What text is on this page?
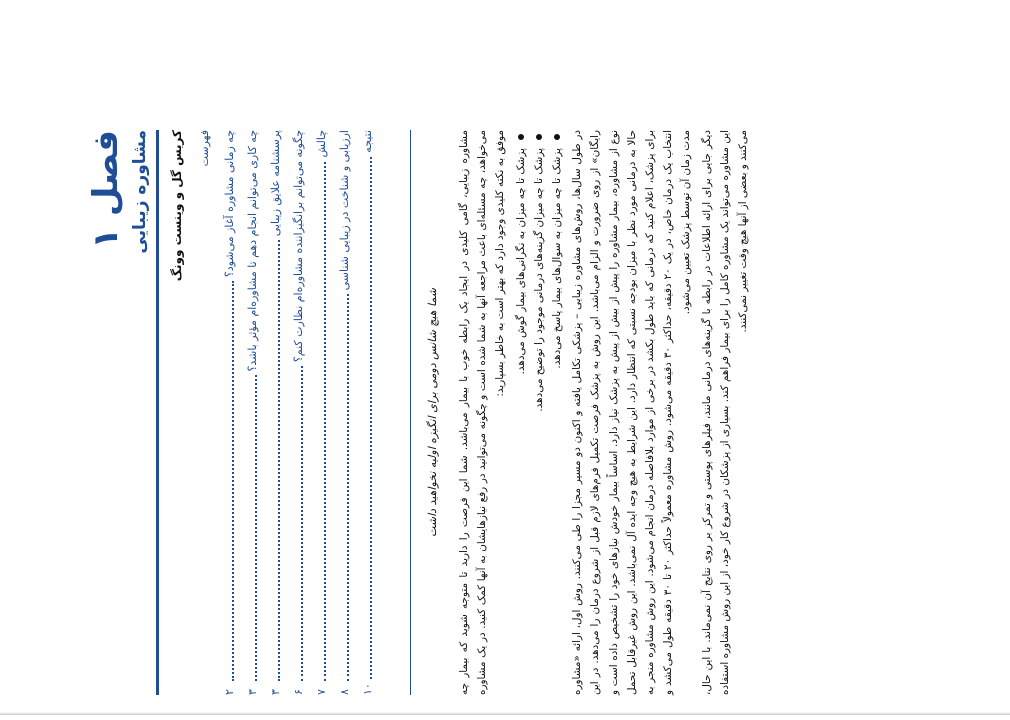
فصل ۱ مشاوره زیبایی کریس گل و وینست وونگ فهرست چه زمانی مشاوره آغاز می‌شود؟
۲
چه کاری می‌توانم انجام دهم تا مشاوره‌ام مؤثر باشد؟
۳
پرسشنامه علایق زیبایی
۳
چگونه می‌توانم برانگیزاننده مشاوره‌ام نظارت کنم؟
۶
چالش
۷
ارزیابی و شناخت در زیبایی شناسی
۸
نتیجه
۱۰
شما هیچ شانس دومی برای انگیزه اولیه نخواهید داشت مشاوره زیبایی، گامی کلیدی در ایجاد یک رابطه خوب با بیمار می‌باشد. شما این فرصت را دارید تا متوجه شوید که بیمار چه می‌خواهد، چه مسئله‌ای باعث مراجعه آنها به شما شده است و چگونه می‌توانید در رفع نیازهایشان به آنها کمک کنید. در یک مشاوره موفق به نکته کلیدی وجود دارد که بهتر است به خاطر بسپارید: پزشک تا چه میزان به نگرانی‌های بیمار گوش می‌دهد. پزشک تا چه میزان گزینه‌های درمانی موجود را توضیح می‌دهد. پزشک تا چه میزان به سوال‌های بیمار پاسخ می‌دهد. در طول سال‌ها، روش‌های مشاوره زیبایی – پزشکی تکامل یافته و اکنون دو مسیر مجزا را طی می‌کنند. روش اول، ارائه «مشاوره رایگان» از روی ضرورت و الزام می‌باشد. این روش به پزشک فرصت تکمیل فرم‌های لازم قبل از شروع درمان را می‌دهد. در این نوع از مشاوره، بیمار مشاوره را پیش از بیش از پیش به پزشک نیاز دارد. اساساً بیمار خودش نیازهای خود را تشخیص داده است و حالا به درمانی مورد نظر با میزان بودجه نسبتی که انتظار دارد. این شرایط به هیچ وجه ایده آل نمی‌باشد. این روش غیرقابل تحمل برای پزشک، اعلام کنید که درمانی که باید طول بکشد در برخی از موارد بلافاصله درمان انجام می‌شود. این روش مشاوره منجر به انتخاب یک درمان خاص، در یک ۲۰ دقیقه، حداکثر ۳۰ دقیقه می‌شود. روش مشاوره معمولاً حداکثر ۲۰ تا ۳۰ دقیقه طول می‌کشد و مدت زمان آن توسط پزشک تعیین می‌شود. دیگر جایی برای ارائه اطلاعات در رابطه با گزینه‌های درمانی مانند، فیلرهای پوستی و تمرکز بر روی نتایج آن نمی‌ماند. با این حال، این مشاوره می‌تواند یک مشاوره کامل را برای بیمار فراهم کند. بسیاری از پزشکان در شروع کار خود، از این روش مشاوره استفاده می‌کنند و بعضی از آنها هیچ وقت تغییر نمی‌کنند.
